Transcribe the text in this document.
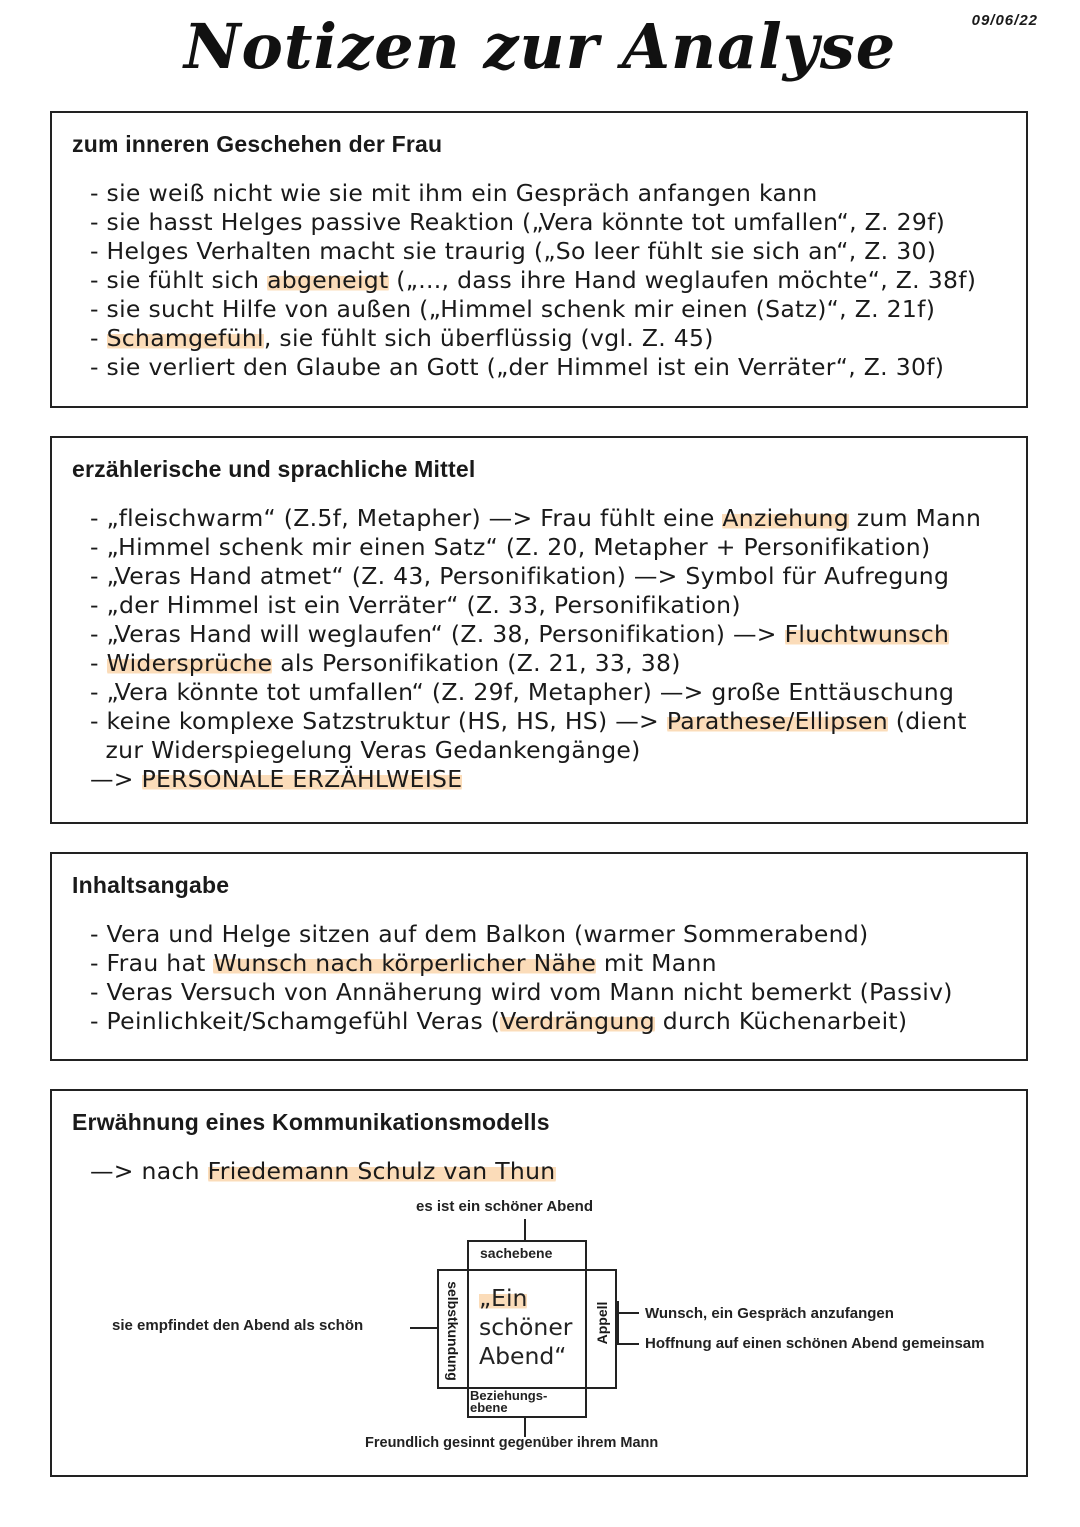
09/06/22
Notizen zur Analyse
zum inneren Geschehen der Frau
- sie weiß nicht wie sie mit ihm ein Gespräch anfangen kann
- sie hasst Helges passive Reaktion („Vera könnte tot umfallen“, Z. 29f)
- Helges Verhalten macht sie traurig („So leer fühlt sie sich an“, Z. 30)
- sie fühlt sich abgeneigt („..., dass ihre Hand weglaufen möchte“, Z. 38f)
- sie sucht Hilfe von außen („Himmel schenk mir einen (Satz)“, Z. 21f)
- Schamgefühl, sie fühlt sich überflüssig (vgl. Z. 45)
- sie verliert den Glaube an Gott („der Himmel ist ein Verräter“, Z. 30f)
erzählerische und sprachliche Mittel
- „fleischwarm“ (Z.5f, Metapher) —> Frau fühlt eine Anziehung zum Mann
- „Himmel schenk mir einen Satz“ (Z. 20, Metapher + Personifikation)
- „Veras Hand atmet“ (Z. 43, Personifikation) —> Symbol für Aufregung
- „der Himmel ist ein Verräter“ (Z. 33, Personifikation)
- „Veras Hand will weglaufen“ (Z. 38, Personifikation) —> Fluchtwunsch
- Widersprüche als Personifikation (Z. 21, 33, 38)
- „Vera könnte tot umfallen“ (Z. 29f, Metapher) —> große Enttäuschung
- keine komplexe Satzstruktur (HS, HS, HS) —> Parathese/Ellipsen (dient
zur Widerspiegelung Veras Gedankengänge)
—> PERSONALE ERZÄHLWEISE
Inhaltsangabe
- Vera und Helge sitzen auf dem Balkon (warmer Sommerabend)
- Frau hat Wunsch nach körperlicher Nähe mit Mann
- Veras Versuch von Annäherung wird vom Mann nicht bemerkt (Passiv)
- Peinlichkeit/Schamgefühl Veras (Verdrängung durch Küchenarbeit)
Erwähnung eines Kommunikationsmodells
—> nach Friedemann Schulz van Thun
es ist ein schöner Abend
sachebene
selbstkundung	Appell
Beziehungs-
ebene
„Ein
schöner
Abend“
sie empfindet den Abend als schön
Wunsch, ein Gespräch anzufangen
Hoffnung auf einen schönen Abend gemeinsam
Freundlich gesinnt gegenüber ihrem Mann
